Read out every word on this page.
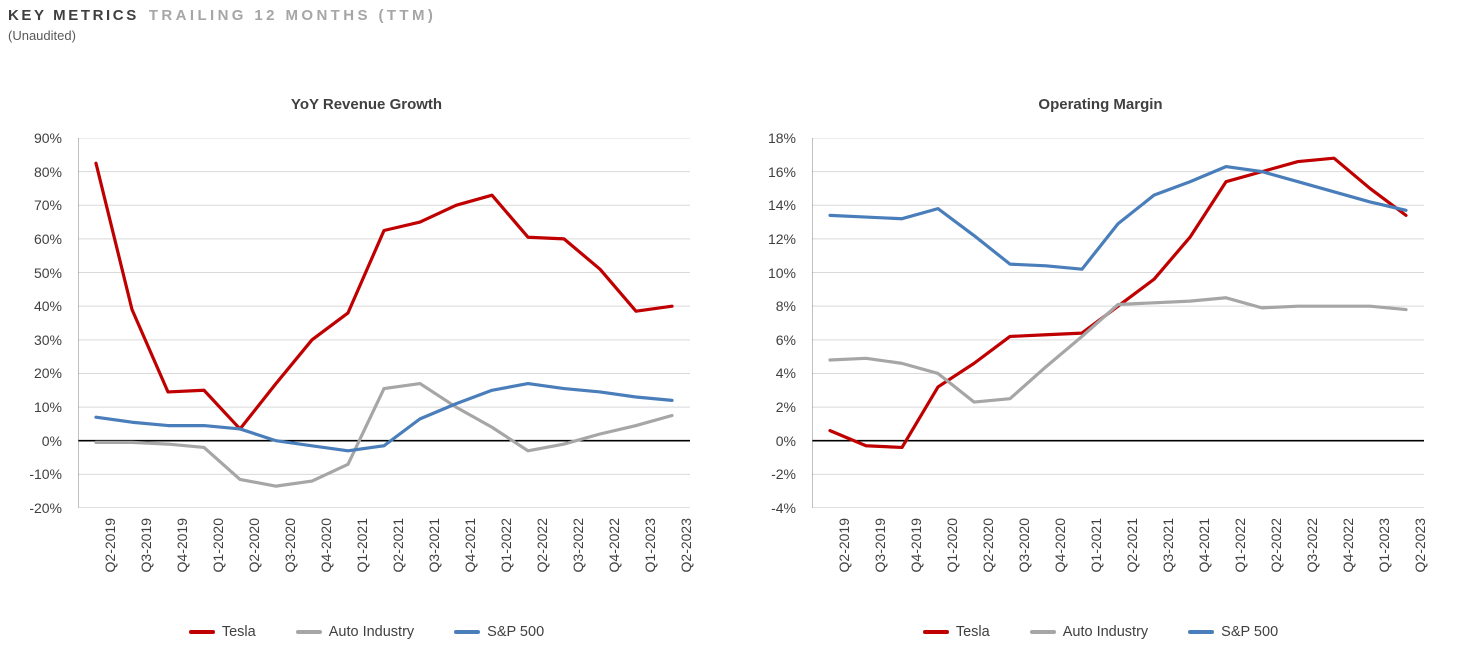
KEY METRICS TRAILING 12 MONTHS (TTM)
(Unaudited)
YoY Revenue Growth
-20%
-10%
0%
10%
20%
30%
40%
50%
60%
70%
80%
90%
Q2-2019 Q3-2019 Q4-2019 Q1-2020 Q2-2020 Q3-2020 Q4-2020 Q1-2021 Q2-2021 Q3-2021 Q4-2021 Q1-2022 Q2-2022 Q3-2022 Q4-2022 Q1-2023 Q2-2023
Tesla	Auto Industry	S&P 500
Operating Margin
-4%
-2%
0%
2%
4%
6%
8%
10%
12%
14%
16%
18%
Q2-2019 Q3-2019 Q4-2019 Q1-2020 Q2-2020 Q3-2020 Q4-2020 Q1-2021 Q2-2021 Q3-2021 Q4-2021 Q1-2022 Q2-2022 Q3-2022 Q4-2022 Q1-2023 Q2-2023
Tesla	Auto Industry	S&P 500
